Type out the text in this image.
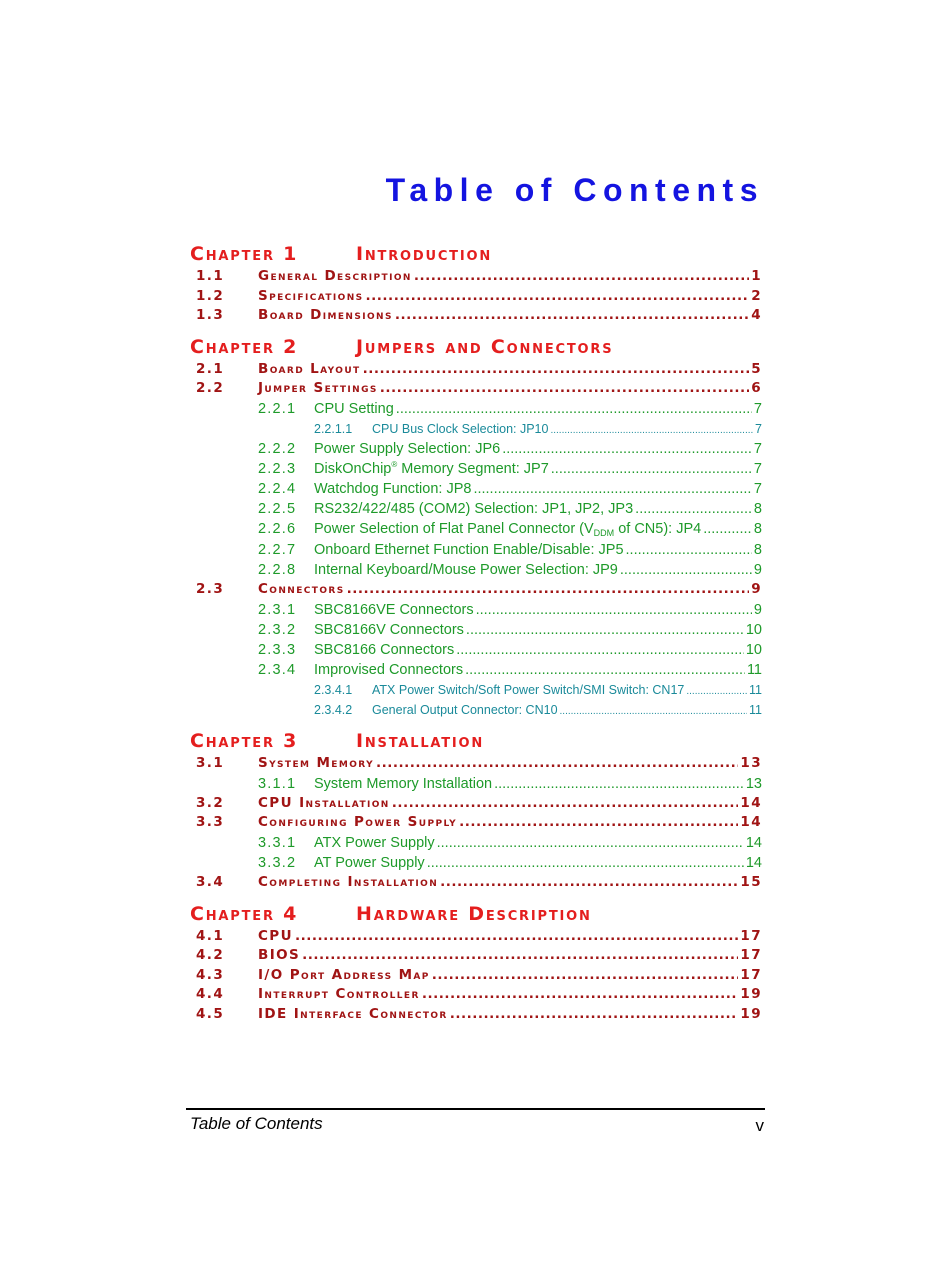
Table of Contents
Chapter 1	Introduction
1.1	General Description .....	1
1.2	Specifications .....	2
1.3	Board Dimensions .....	4
Chapter 2	Jumpers and Connectors
2.1	Board Layout .....	5
2.2	Jumper Settings .....	6
2.2.1	CPU Setting .....	7
2.2.1.1	CPU Bus Clock Selection: JP10 .....	7
2.2.2	Power Supply Selection: JP6 .....	7
2.2.3	DiskOnChip® Memory Segment: JP7 .....	7
2.2.4	Watchdog Function: JP8 .....	7
2.2.5	RS232/422/485 (COM2) Selection: JP1, JP2, JP3 .....	8
2.2.6	Power Selection of Flat Panel Connector ($V_{DDM}$ of CN5): JP4 .....	8
2.2.7	Onboard Ethernet Function Enable/Disable: JP5 .....	8
2.2.8	Internal Keyboard/Mouse Power Selection: JP9 .....	9
2.3	Connectors .....	9
2.3.1	SBC8166VE Connectors .....	9
2.3.2	SBC8166V Connectors .....	10
2.3.3	SBC8166 Connectors .....	10
2.3.4	Improvised Connectors .....	11
2.3.4.1	ATX Power Switch/Soft Power Switch/SMI Switch: CN17 .....	11
2.3.4.2	General Output Connector: CN10 .....	11
Chapter 3	Installation
3.1	System Memory .....	13
3.1.1	System Memory Installation .....	13
3.2	CPU Installation .....	14
3.3	Configuring Power Supply .....	14
3.3.1	ATX Power Supply .....	14
3.3.2	AT Power Supply .....	14
3.4	Completing Installation .....	15
Chapter 4	Hardware Description
4.1	CPU .....	17
4.2	BIOS .....	17
4.3	I/O Port Address Map .....	17
4.4	Interrupt Controller .....	19
4.5	IDE Interface Connector .....	19
Table of Contents	v
